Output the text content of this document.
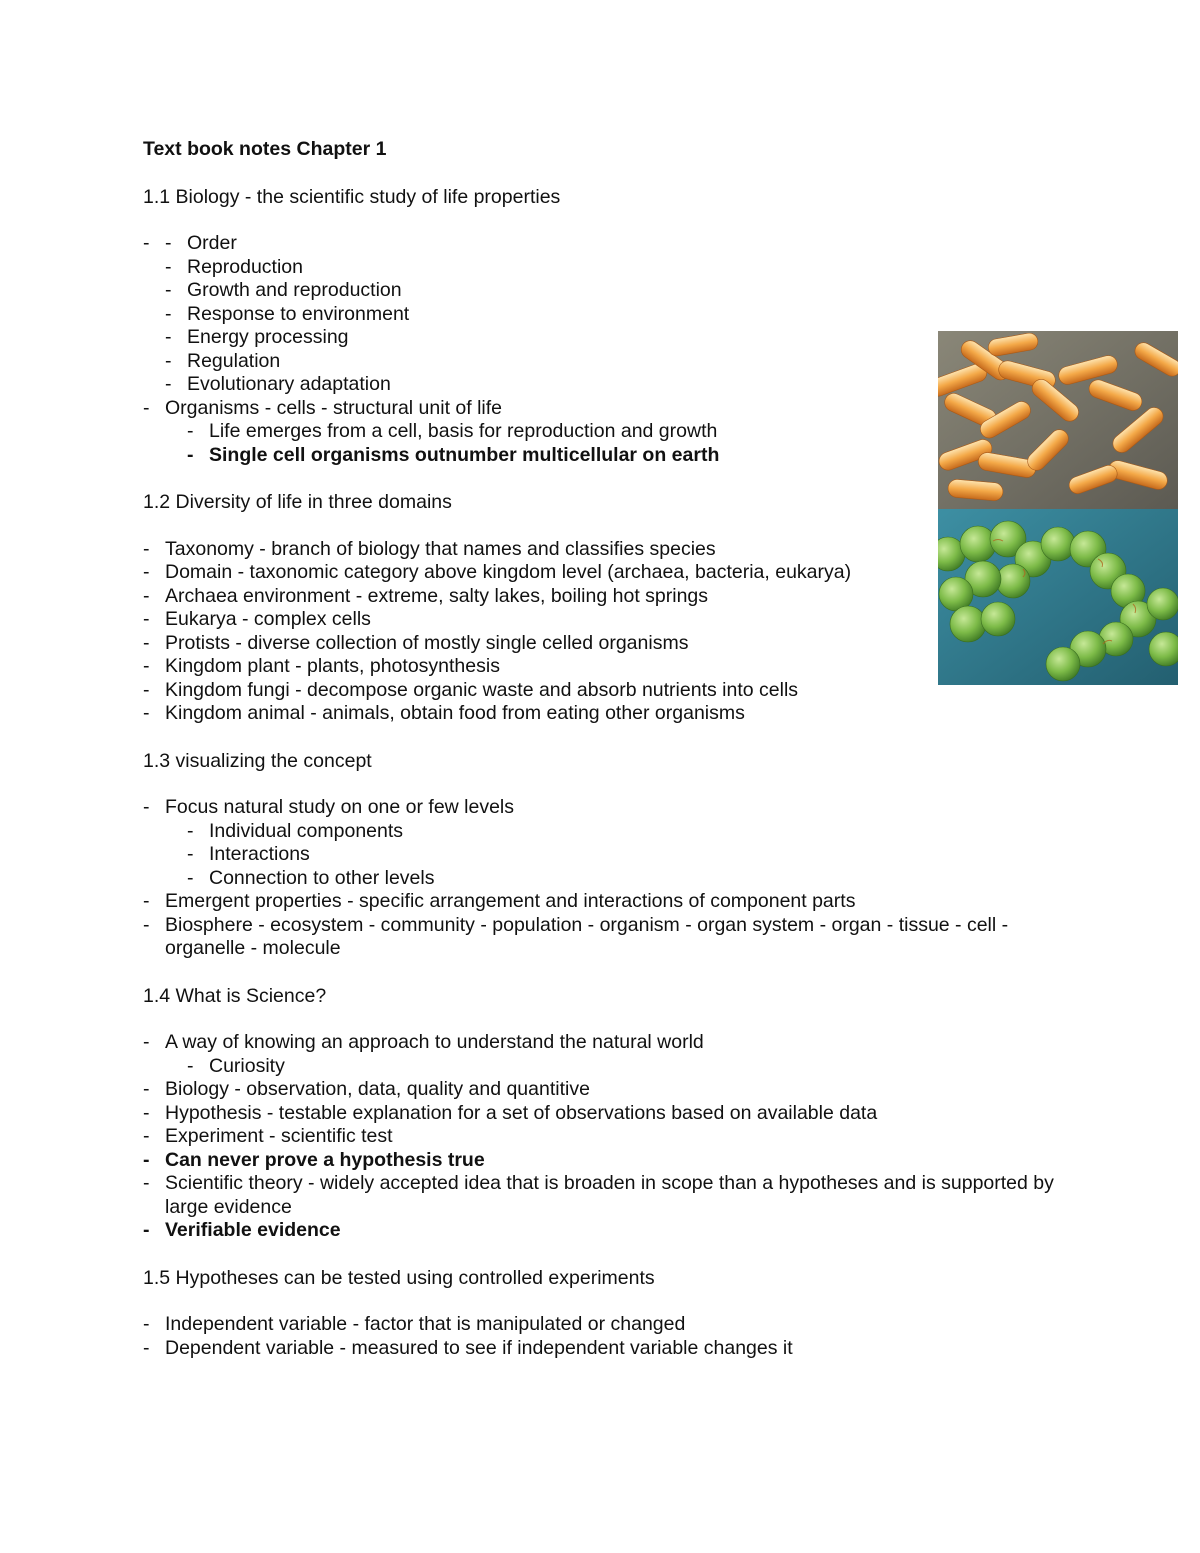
Text book notes Chapter 1
1.1 Biology - the scientific study of life properties
- - Order
- Reproduction
- Growth and reproduction
- Response to environment
- Energy processing
- Regulation
- Evolutionary adaptation
- Organisms - cells - structural unit of life
- Life emerges from a cell, basis for reproduction and growth
- Single cell organisms outnumber multicellular on earth
1.2 Diversity of life in three domains
- Taxonomy - branch of biology that names and classifies species
- Domain - taxonomic category above kingdom level (archaea, bacteria, eukarya)
- Archaea environment - extreme, salty lakes, boiling hot springs
- Eukarya - complex cells
- Protists - diverse collection of mostly single celled organisms
- Kingdom plant - plants, photosynthesis
- Kingdom fungi - decompose organic waste and absorb nutrients into cells
- Kingdom animal - animals, obtain food from eating other organisms
1.3 visualizing the concept
- Focus natural study on one or few levels
- Individual components
- Interactions
- Connection to other levels
- Emergent properties - specific arrangement and interactions of component parts
- Biosphere - ecosystem - community - population - organism - organ system - organ - tissue - cell - organelle - molecule
1.4 What is Science?
- A way of knowing an approach to understand the natural world
- Curiosity
- Biology - observation, data, quality and quantitive
- Hypothesis - testable explanation for a set of observations based on available data
- Experiment - scientific test
- Can never prove a hypothesis true
- Scientific theory - widely accepted idea that is broaden in scope than a hypotheses and is supported by large evidence
- Verifiable evidence
1.5 Hypotheses can be tested using controlled experiments
- Independent variable - factor that is manipulated or changed
- Dependent variable - measured to see if independent variable changes it
